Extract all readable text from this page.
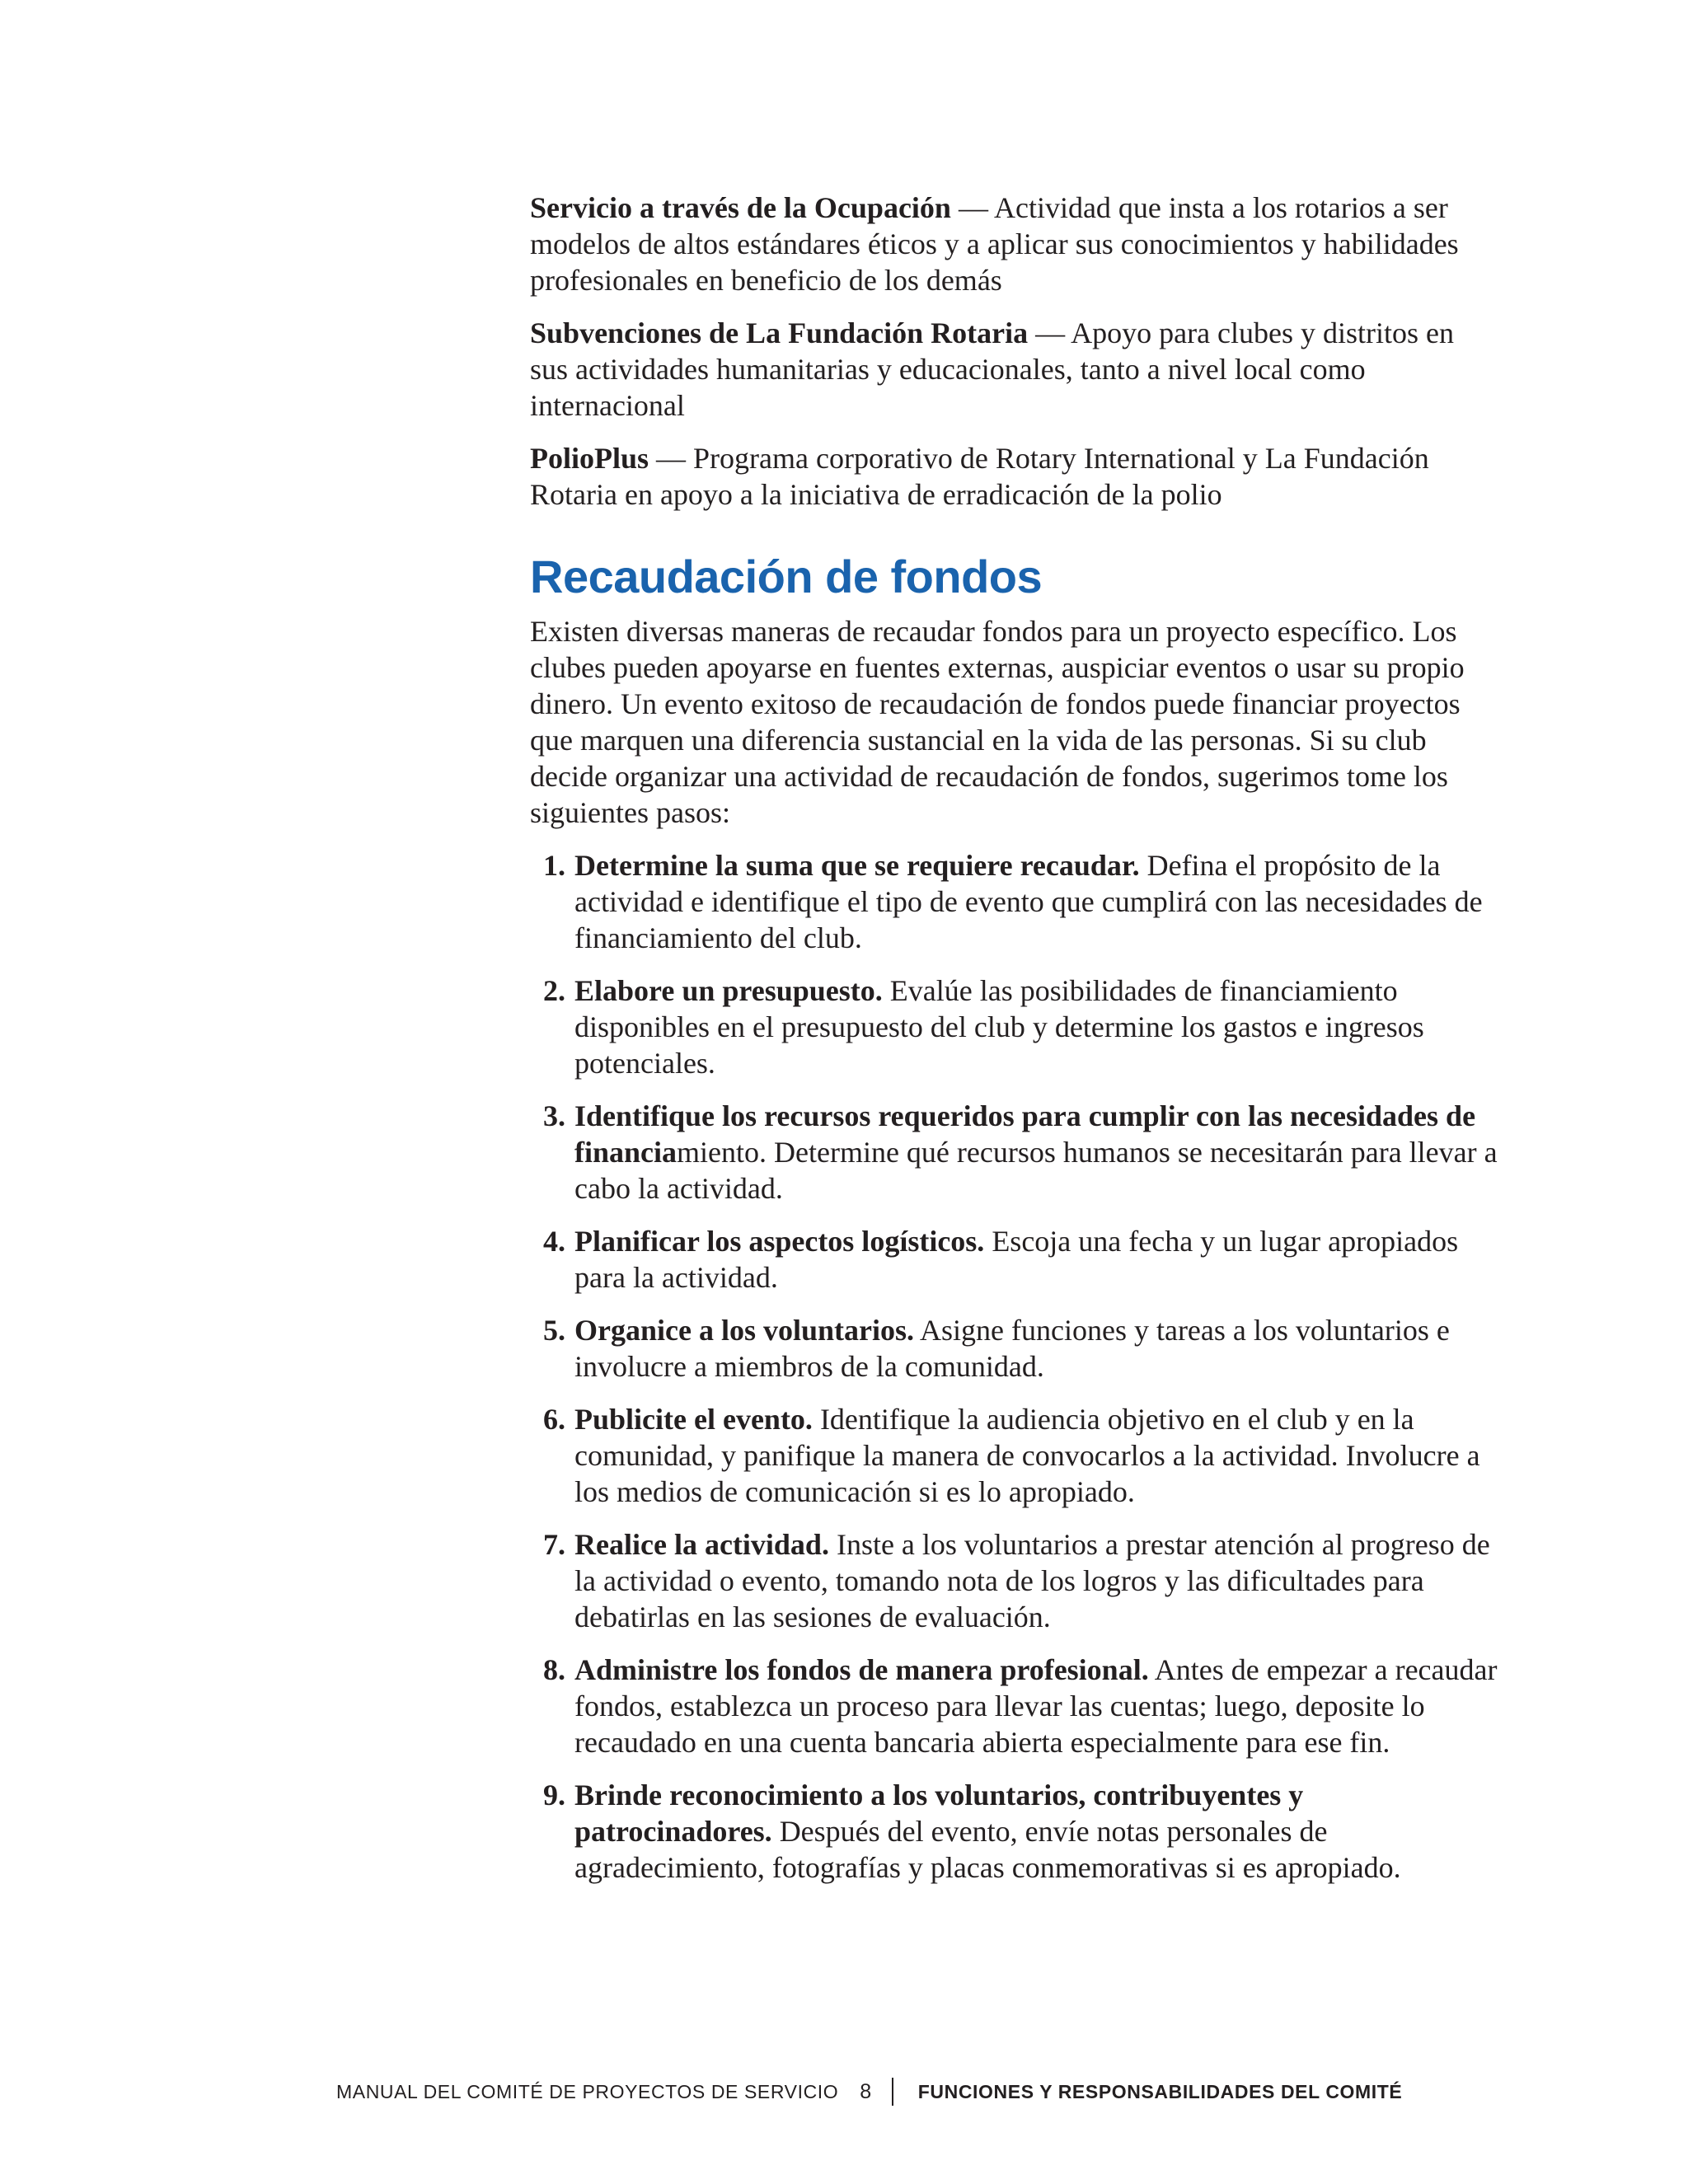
Servicio a través de la Ocupación — Actividad que insta a los rotarios a ser modelos de altos estándares éticos y a aplicar sus conocimientos y habilidades profesionales en beneficio de los demás

Subvenciones de La Fundación Rotaria — Apoyo para clubes y distritos en sus actividades humanitarias y educacionales, tanto a nivel local como internacional

PolioPlus — Programa corporativo de Rotary International y La Fundación Rotaria en apoyo a la iniciativa de erradicación de la polio

Recaudación de fondos

Existen diversas maneras de recaudar fondos para un proyecto específico. Los clubes pueden apoyarse en fuentes externas, auspiciar eventos o usar su propio dinero. Un evento exitoso de recaudación de fondos puede financiar proyectos que marquen una diferencia sustancial en la vida de las personas. Si su club decide organizar una actividad de recaudación de fondos, sugerimos tome los siguientes pasos:

1. Determine la suma que se requiere recaudar. Defina el propósito de la actividad e identifique el tipo de evento que cumplirá con las necesidades de financiamiento del club.
2. Elabore un presupuesto. Evalúe las posibilidades de financiamiento disponibles en el presupuesto del club y determine los gastos e ingresos potenciales.
3. Identifique los recursos requeridos para cumplir con las necesidades de financiamiento. Determine qué recursos humanos se necesitarán para llevar a cabo la actividad.
4. Planificar los aspectos logísticos. Escoja una fecha y un lugar apropiados para la actividad.
5. Organice a los voluntarios. Asigne funciones y tareas a los voluntarios e involucre a miembros de la comunidad.
6. Publicite el evento. Identifique la audiencia objetivo en el club y en la comunidad, y panifique la manera de convocarlos a la actividad. Involucre a los medios de comunicación si es lo apropiado.
7. Realice la actividad. Inste a los voluntarios a prestar atención al progreso de la actividad o evento, tomando nota de los logros y las dificultades para debatirlas en las sesiones de evaluación.
8. Administre los fondos de manera profesional. Antes de empezar a recaudar fondos, establezca un proceso para llevar las cuentas; luego, deposite lo recaudado en una cuenta bancaria abierta especialmente para ese fin.
9. Brinde reconocimiento a los voluntarios, contribuyentes y patrocinadores. Después del evento, envíe notas personales de agradecimiento, fotografías y placas conmemorativas si es apropiado.
MANUAL DEL COMITÉ DE PROYECTOS DE SERVICIO 8 FUNCIONES Y RESPONSABILIDADES DEL COMITÉ
